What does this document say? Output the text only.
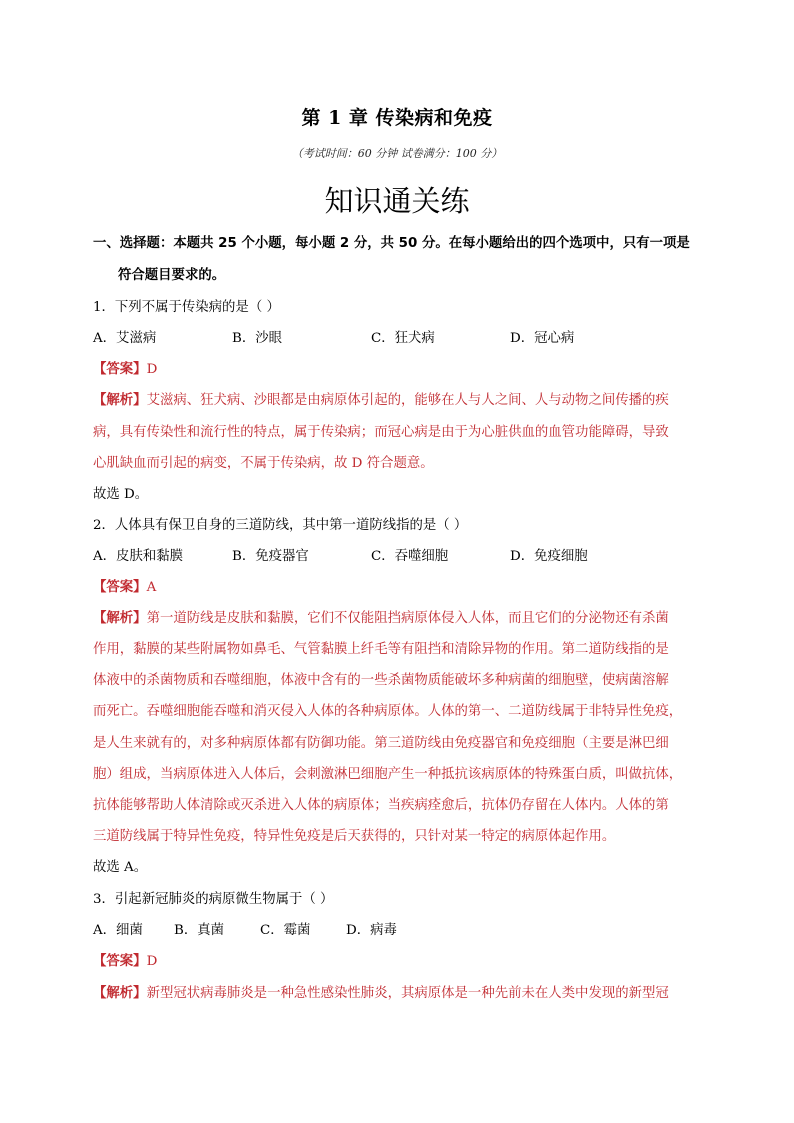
第 1 章 传染病和免疫
（考试时间：60 分钟 试卷满分：100 分）
知识通关练
一、选择题：本题共 25 个小题，每小题 2 分，共 50 分。在每小题给出的四个选项中，只有一项是
符合题目要求的。
1．下列不属于传染病的是（ ）
A．艾滋病	B．沙眼	C．狂犬病	D．冠心病
【答案】D
【解析】艾滋病、狂犬病、沙眼都是由病原体引起的，能够在人与人之间、人与动物之间传播的疾
病，具有传染性和流行性的特点，属于传染病；而冠心病是由于为心脏供血的血管功能障碍，导致
心肌缺血而引起的病变，不属于传染病，故 D 符合题意。
故选 D。
2．人体具有保卫自身的三道防线，其中第一道防线指的是（ ）
A．皮肤和黏膜	B．免疫器官	C．吞噬细胞	D．免疫细胞
【答案】A
【解析】第一道防线是皮肤和黏膜，它们不仅能阻挡病原体侵入人体，而且它们的分泌物还有杀菌
作用，黏膜的某些附属物如鼻毛、气管黏膜上纤毛等有阻挡和清除异物的作用。第二道防线指的是
体液中的杀菌物质和吞噬细胞，体液中含有的一些杀菌物质能破坏多种病菌的细胞壁，使病菌溶解
而死亡。吞噬细胞能吞噬和消灭侵入人体的各种病原体。人体的第一、二道防线属于非特异性免疫，
是人生来就有的，对多种病原体都有防御功能。第三道防线由免疫器官和免疫细胞（主要是淋巴细
胞）组成，当病原体进入人体后，会刺激淋巴细胞产生一种抵抗该病原体的特殊蛋白质，叫做抗体，
抗体能够帮助人体清除或灭杀进入人体的病原体；当疾病痊愈后，抗体仍存留在人体内。人体的第
三道防线属于特异性免疫，特异性免疫是后天获得的，只针对某一特定的病原体起作用。
故选 A。
3．引起新冠肺炎的病原微生物属于（ ）
A．细菌 B．真菌	C．霉菌	D．病毒
【答案】D
【解析】新型冠状病毒肺炎是一种急性感染性肺炎，其病原体是一种先前未在人类中发现的新型冠
